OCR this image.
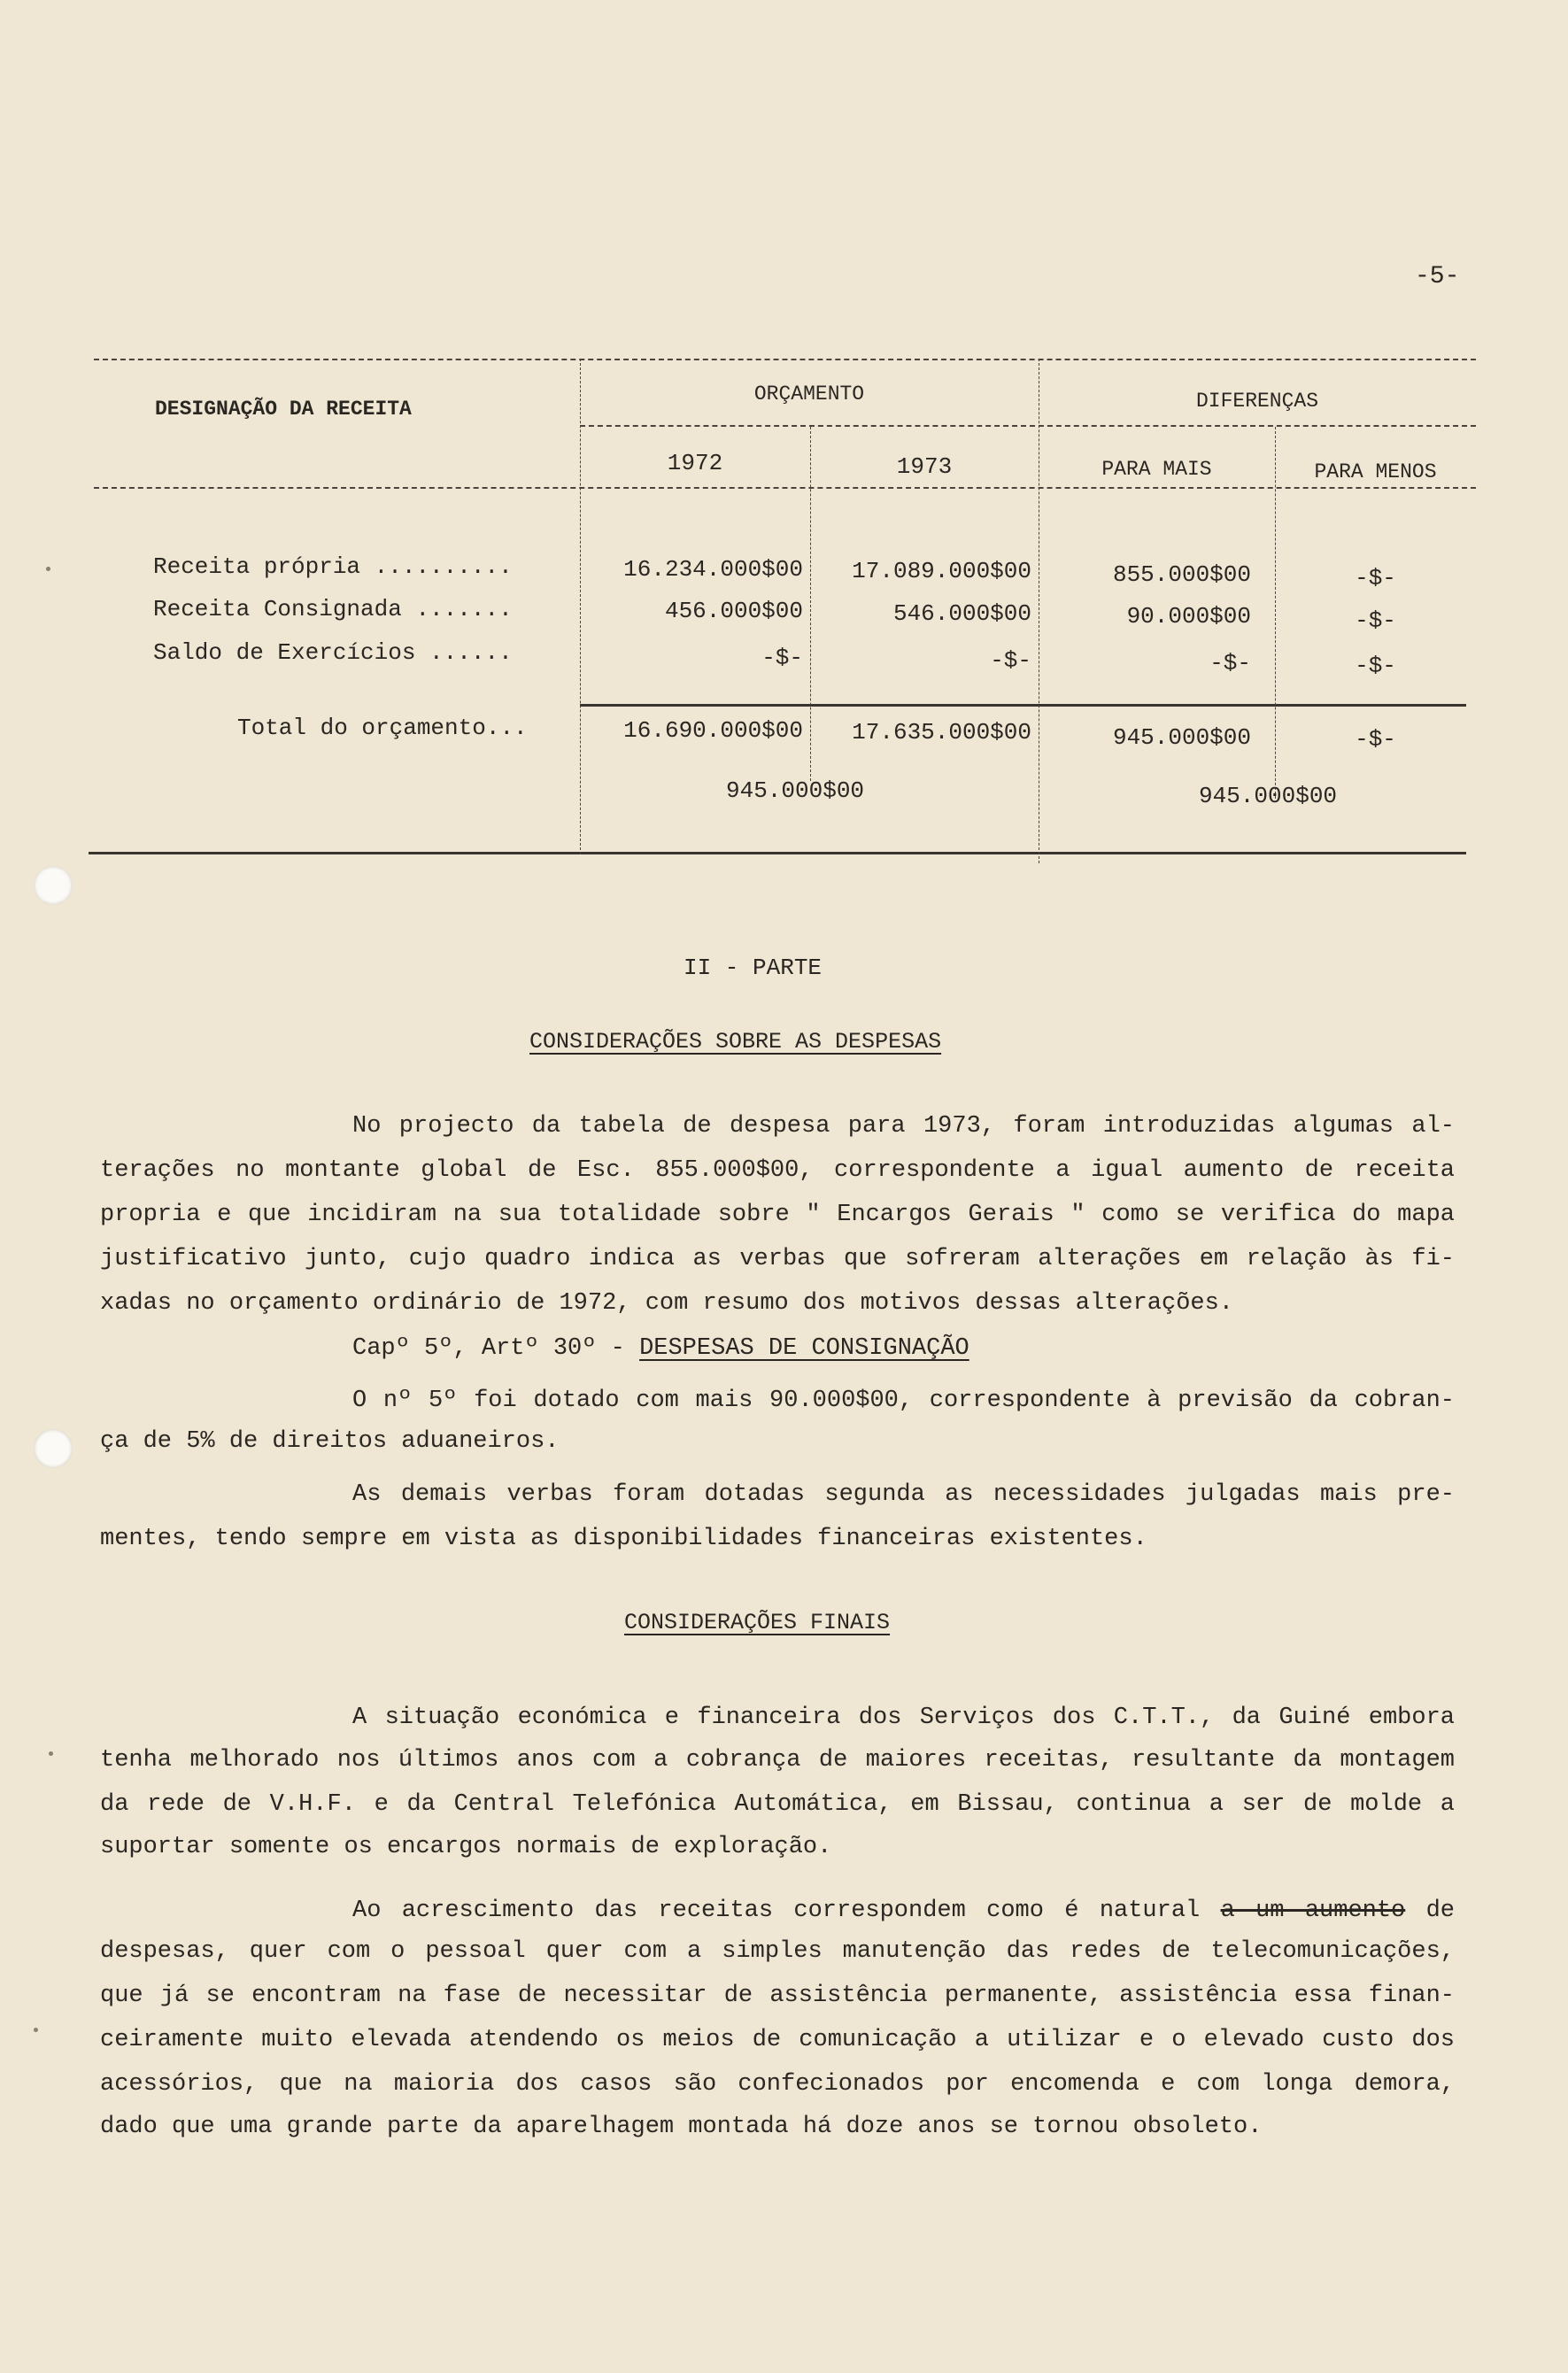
-5-
DESIGNAÇÃO DA RECEITA
ORÇAMENTO	DIFERENÇAS
1972	1973	PARA MAIS	PARA MENOS
Receita própria ..........	16.234.000$00	17.089.000$00	855.000$00	-$-
Receita Consignada .......	456.000$00	546.000$00	90.000$00	-$-
Saldo de Exercícios ......	-$-	-$-	-$-	-$-
Total do orçamento...	16.690.000$00	17.635.000$00	945.000$00	-$-
945.000$00	945.000$00
II - PARTE
CONSIDERAÇÕES SOBRE AS DESPESAS
No projecto da tabela de despesa para 1973, foram introduzidas algumas al-
terações no montante global de Esc. 855.000$00, correspondente a igual aumento de receita
propria e que incidiram na sua totalidade sobre " Encargos Gerais " como se verifica do mapa
justificativo junto, cujo quadro indica as verbas que sofreram alterações em relação às fi-
xadas no orçamento ordinário de 1972, com resumo dos motivos dessas alterações.
Capº 5º, Artº 30º - DESPESAS DE CONSIGNAÇÃO
O nº 5º foi dotado com mais 90.000$00, correspondente à previsão da cobran-
ça de 5% de direitos aduaneiros.
As demais verbas foram dotadas segunda as necessidades julgadas mais pre-
mentes, tendo sempre em vista as disponibilidades financeiras existentes.
CONSIDERAÇÕES FINAIS
A situação económica e financeira dos Serviços dos C.T.T., da Guiné embora
tenha melhorado nos últimos anos com a cobrança de maiores receitas, resultante da montagem
da rede de V.H.F. e da Central Telefónica Automática, em Bissau, continua a ser de molde a
suportar somente os encargos normais de exploração.
Ao acrescimento das receitas correspondem como é natural a um aumento de
despesas, quer com o pessoal quer com a simples manutenção das redes de telecomunicações,
que já se encontram na fase de necessitar de assistência permanente, assistência essa finan-
ceiramente muito elevada atendendo os meios de comunicação a utilizar e o elevado custo dos
acessórios, que na maioria dos casos são confecionados por encomenda e com longa demora,
dado que uma grande parte da aparelhagem montada há doze anos se tornou obsoleto.
